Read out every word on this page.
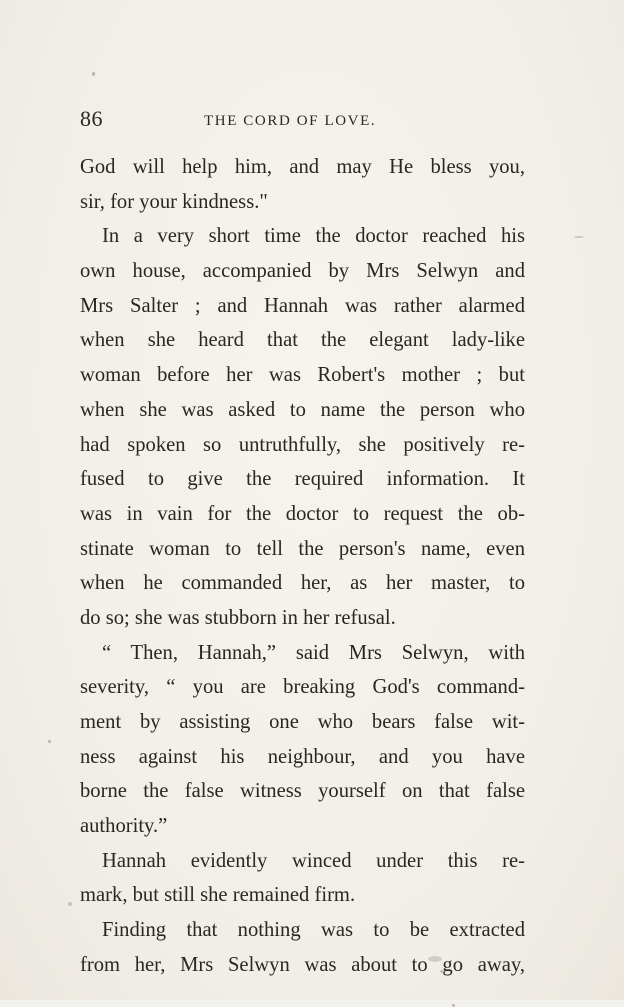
86	THE CORD OF LOVE.
God will help him, and may He bless you,
sir, for your kindness."
In a very short time the doctor reached his
own house, accompanied by Mrs Selwyn and
Mrs Salter ; and Hannah was rather alarmed
when she heard that the elegant lady-like
woman before her was Robert's mother ; but
when she was asked to name the person who
had spoken so untruthfully, she positively re-
fused to give the required information. It
was in vain for the doctor to request the ob-
stinate woman to tell the person's name, even
when he commanded her, as her master, to
do so; she was stubborn in her refusal.
“ Then, Hannah,” said Mrs Selwyn, with
severity, “ you are breaking God's command-
ment by assisting one who bears false wit-
ness against his neighbour, and you have
borne the false witness yourself on that false
authority.”
Hannah evidently winced under this re-
mark, but still she remained firm.
Finding that nothing was to be extracted
from her, Mrs Selwyn was about to go away,
